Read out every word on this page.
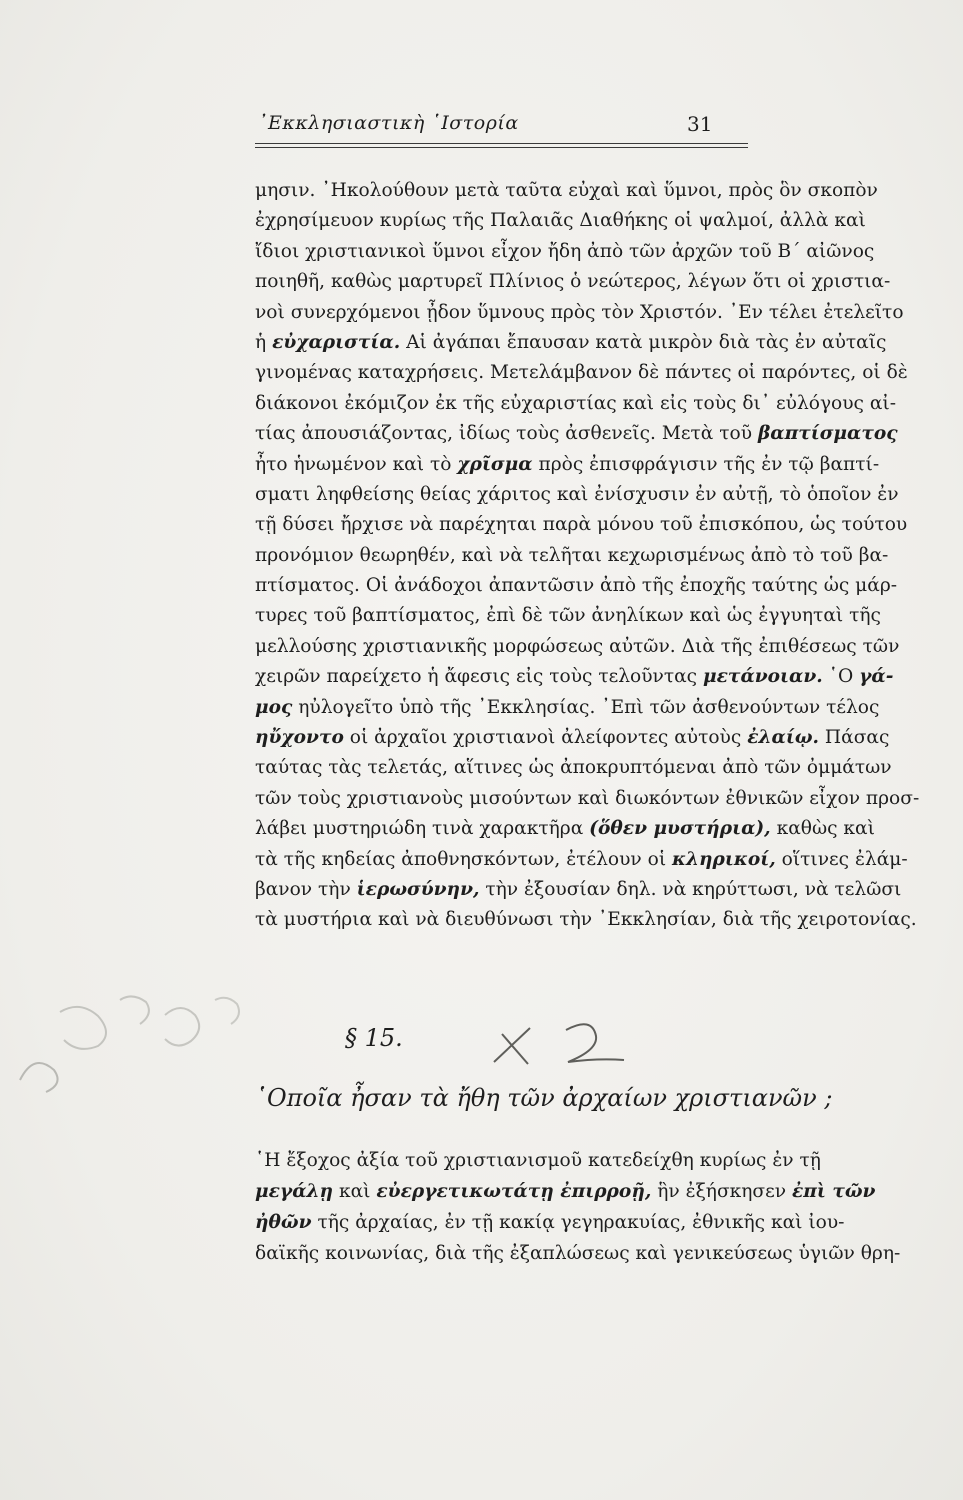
᾿Εκκλησιαστικὴ ῾Ιστορία	31
μησιν. ᾿Ηκολούθουν μετὰ ταῦτα εὐχαὶ καὶ ὕμνοι, πρὸς ὃν σκοπὸν
ἐχρησίμευον κυρίως τῆς Παλαιᾶς Διαθήκης οἱ ψαλμοί, ἀλλὰ καὶ
ἴδιοι χριστιανικοὶ ὕμνοι εἶχον ἤδη ἀπὸ τῶν ἀρχῶν τοῦ Β΄ αἰῶνος
ποιηθῆ, καθὼς μαρτυρεῖ Πλίνιος ὁ νεώτερος, λέγων ὅτι οἱ χριστια-
νοὶ συνερχόμενοι ᾖδον ὕμνους πρὸς τὸν Χριστόν. ᾿Εν τέλει ἐτελεῖτο
ἡ εὐχαριστία. Αἱ ἀγάπαι ἔπαυσαν κατὰ μικρὸν διὰ τὰς ἐν αὐταῖς
γινομένας καταχρήσεις. Μετελάμβανον δὲ πάντες οἱ παρόντες, οἱ δὲ
διάκονοι ἐκόμιζον ἐκ τῆς εὐχαριστίας καὶ εἰς τοὺς δι᾿ εὐλόγους αἰ-
τίας ἀπουσιάζοντας, ἰδίως τοὺς ἀσθενεῖς. Μετὰ τοῦ βαπτίσματος
ἦτο ἡνωμένον καὶ τὸ χρῖσμα πρὸς ἐπισφράγισιν τῆς ἐν τῷ βαπτί-
σματι ληφθείσης θείας χάριτος καὶ ἐνίσχυσιν ἐν αὐτῇ, τὸ ὁποῖον ἐν
τῇ δύσει ἤρχισε νὰ παρέχηται παρὰ μόνου τοῦ ἐπισκόπου, ὡς τούτου
προνόμιον θεωρηθέν, καὶ νὰ τελῆται κεχωρισμένως ἀπὸ τὸ τοῦ βα-
πτίσματος. Οἱ ἀνάδοχοι ἀπαντῶσιν ἀπὸ τῆς ἐποχῆς ταύτης ὡς μάρ-
τυρες τοῦ βαπτίσματος, ἐπὶ δὲ τῶν ἀνηλίκων καὶ ὡς ἐγγυηταὶ τῆς
μελλούσης χριστιανικῆς μορφώσεως αὐτῶν. Διὰ τῆς ἐπιθέσεως τῶν
χειρῶν παρείχετο ἡ ἄφεσις εἰς τοὺς τελοῦντας μετάνοιαν. ῾Ο γά-
μος ηὐλογεῖτο ὑπὸ τῆς ᾿Εκκλησίας. ᾿Επὶ τῶν ἀσθενούντων τέλος
ηὔχοντο οἱ ἀρχαῖοι χριστιανοὶ ἀλείφοντες αὐτοὺς ἐλαίῳ. Πάσας
ταύτας τὰς τελετάς, αἵτινες ὡς ἀποκρυπτόμεναι ἀπὸ τῶν ὀμμάτων
τῶν τοὺς χριστιανοὺς μισούντων καὶ διωκόντων ἐθνικῶν εἶχον προσ-
λάβει μυστηριώδη τινὰ χαρακτῆρα (ὅθεν μυστήρια), καθὼς καὶ
τὰ τῆς κηδείας ἀποθνησκόντων, ἐτέλουν οἱ κληρικοί, οἵτινες ἐλάμ-
βανον τὴν ἱερωσύνην, τὴν ἐξουσίαν δηλ. νὰ κηρύττωσι, νὰ τελῶσι
τὰ μυστήρια καὶ νὰ διευθύνωσι τὴν ᾿Εκκλησίαν, διὰ τῆς χειροτονίας.
§ 15.
῾Οποῖα ἦσαν τὰ ἤθη τῶν ἀρχαίων χριστιανῶν ;
῾Η ἔξοχος ἀξία τοῦ χριστιανισμοῦ κατεδείχθη κυρίως ἐν τῇ
μεγάλῃ καὶ εὐεργετικωτάτῃ ἐπιρροῇ, ἣν ἐξήσκησεν ἐπὶ τῶν
ἠθῶν τῆς ἀρχαίας, ἐν τῇ κακίᾳ γεγηρακυίας, ἐθνικῆς καὶ ἰου-
δαϊκῆς κοινωνίας, διὰ τῆς ἐξαπλώσεως καὶ γενικεύσεως ὑγιῶν θρη-
